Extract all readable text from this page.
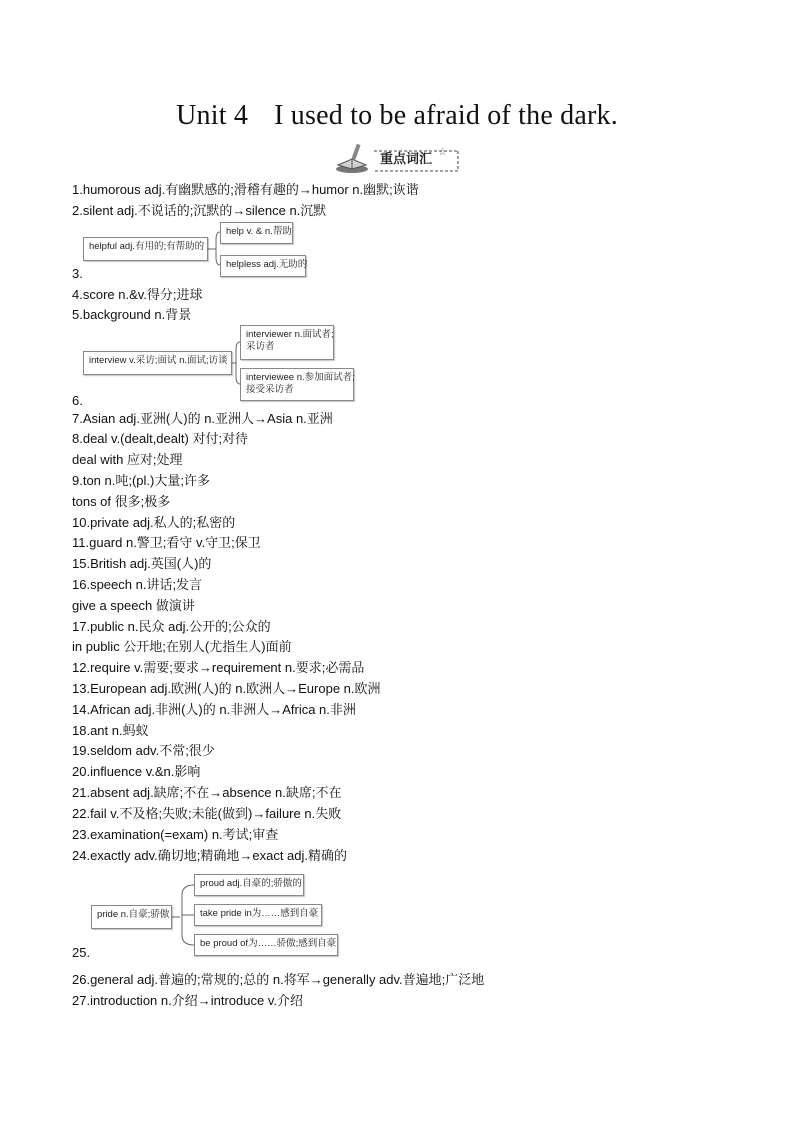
Unit 4 I used to be afraid of the dark.
重点词汇 ☆
1.humorous adj.有幽默感的;滑稽有趣的→humor n.幽默;诙谐
2.silent adj.不说话的;沉默的→silence n.沉默
3.
4.score n.&v.得分;进球
5.background n.背景
6.
7.Asian adj.亚洲(人)的 n.亚洲人→Asia n.亚洲
8.deal v.(dealt,dealt) 对付;对待
deal with 应对;处理
9.ton n.吨;(pl.)大量;许多
tons of 很多;极多
10.private adj.私人的;私密的
11.guard n.警卫;看守 v.守卫;保卫
15.British adj.英国(人)的
16.speech n.讲话;发言
give a speech 做演讲
17.public n.民众 adj.公开的;公众的
in public 公开地;在别人(尤指生人)面前
12.require v.需要;要求→requirement n.要求;必需品
13.European adj.欧洲(人)的 n.欧洲人→Europe n.欧洲
14.African adj.非洲(人)的 n.非洲人→Africa n.非洲
18.ant n.蚂蚁
19.seldom adv.不常;很少
20.influence v.&n.影响
21.absent adj.缺席;不在→absence n.缺席;不在
22.fail v.不及格;失败;未能(做到)→failure n.失败
23.examination(=exam) n.考试;审查
24.exactly adv.确切地;精确地→exact adj.精确的
25.
26.general adj.普遍的;常规的;总的 n.将军→generally adv.普遍地;广泛地
27.introduction n.介绍→introduce v.介绍
helpful adj.有用的;有帮助的
help v. & n.帮助
helpless adj.无助的
interview v.采访;面试 n.面试;访谈
interviewer n.面试者;
采访者
interviewee n.参加面试者;
接受采访者
pride n.自豪;骄傲
proud adj.自豪的;骄傲的
take pride in为……感到自豪
be proud of为……骄傲;感到自豪
